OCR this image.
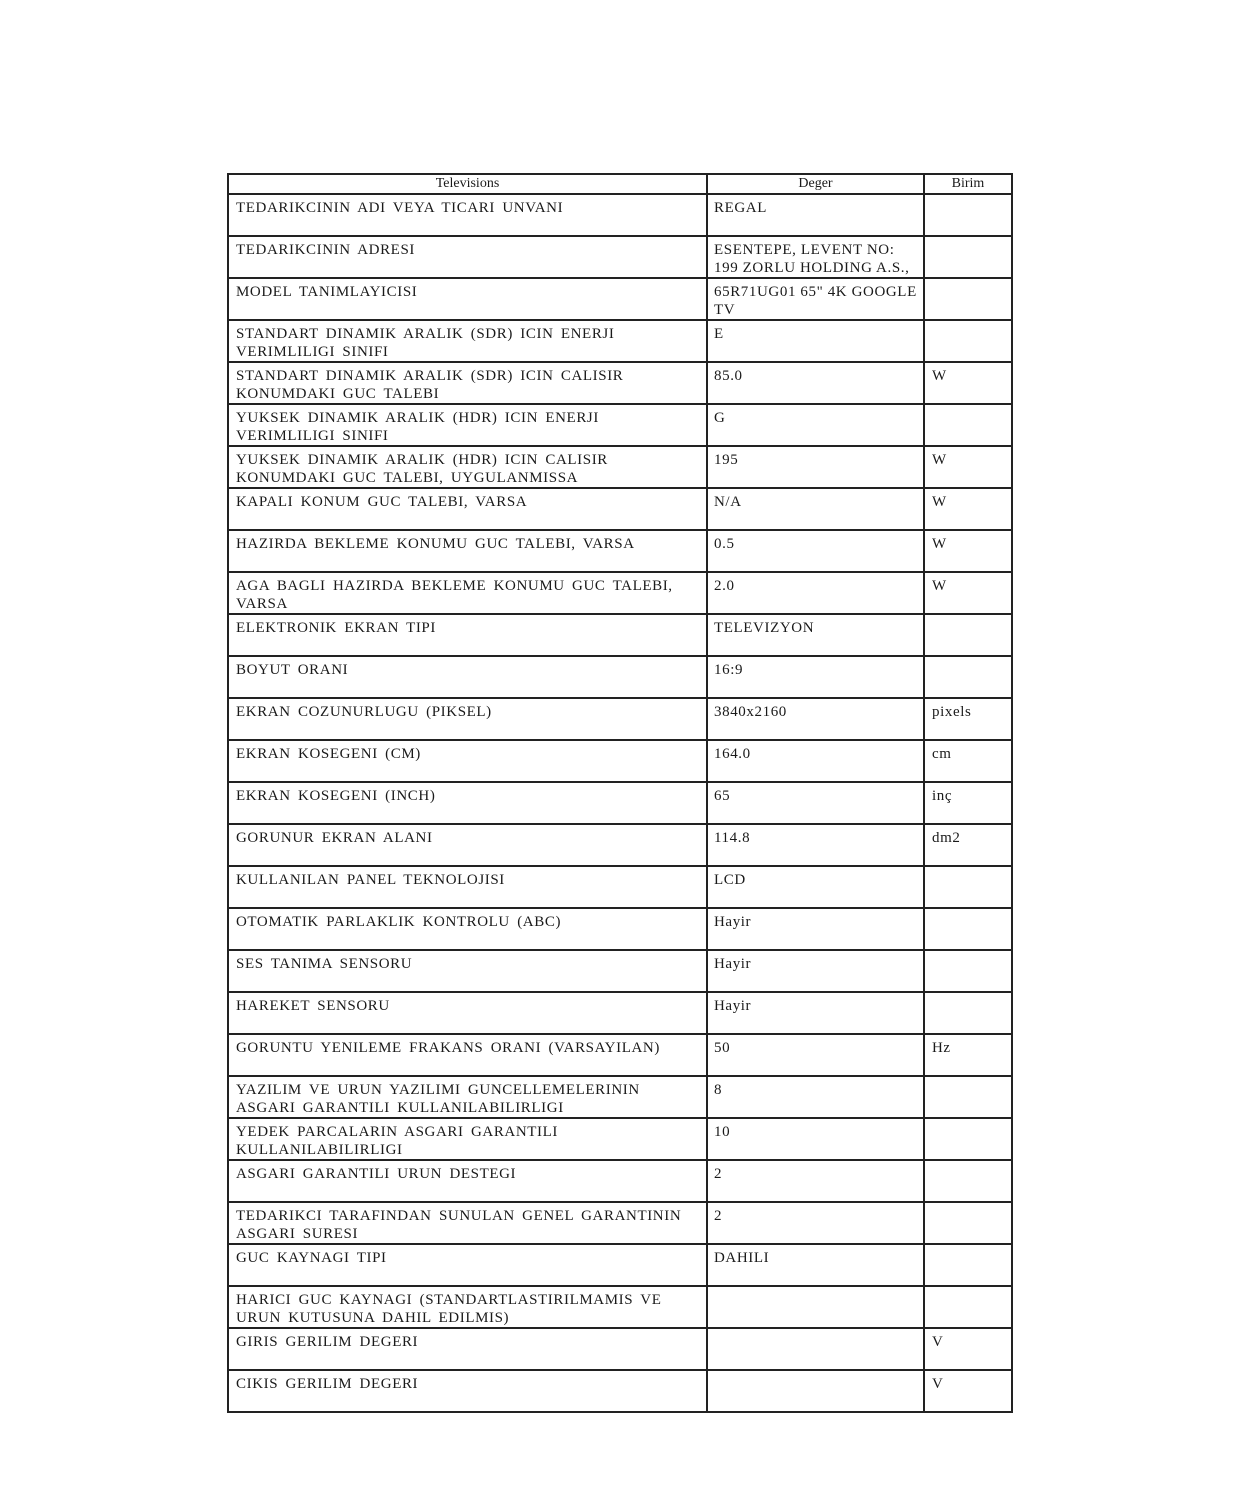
Televisions	Deger	Birim
TEDARIKCININ ADI VEYA TICARI UNVANI	REGAL	
TEDARIKCININ ADRESI	ESENTEPE, LEVENT NO: 199 ZORLU HOLDING A.S.,	
MODEL TANIMLAYICISI	65R71UG01 65" 4K GOOGLE TV	
STANDART DINAMIK ARALIK (SDR) ICIN ENERJI VERIMLILIGI SINIFI	E	
STANDART DINAMIK ARALIK (SDR) ICIN CALISIR KONUMDAKI GUC TALEBI	85.0	W
YUKSEK DINAMIK ARALIK (HDR) ICIN ENERJI VERIMLILIGI SINIFI	G	
YUKSEK DINAMIK ARALIK (HDR) ICIN CALISIR KONUMDAKI GUC TALEBI, UYGULANMISSA	195	W
KAPALI KONUM GUC TALEBI, VARSA	N/A	W
HAZIRDA BEKLEME KONUMU GUC TALEBI, VARSA	0.5	W
AGA BAGLI HAZIRDA BEKLEME KONUMU GUC TALEBI, VARSA	2.0	W
ELEKTRONIK EKRAN TIPI	TELEVIZYON	
BOYUT ORANI	16:9	
EKRAN COZUNURLUGU (PIKSEL)	3840x2160	pixels
EKRAN KOSEGENI (CM)	164.0	cm
EKRAN KOSEGENI (INCH)	65	inç
GORUNUR EKRAN ALANI	114.8	dm2
KULLANILAN PANEL TEKNOLOJISI	LCD	
OTOMATIK PARLAKLIK KONTROLU (ABC)	Hayir	
SES TANIMA SENSORU	Hayir	
HAREKET SENSORU	Hayir	
GORUNTU YENILEME FRAKANS ORANI (VARSAYILAN)	50	Hz
YAZILIM VE URUN YAZILIMI GUNCELLEMELERININ ASGARI GARANTILI KULLANILABILIRLIGI	8	
YEDEK PARCALARIN ASGARI GARANTILI KULLANILABILIRLIGI	10	
ASGARI GARANTILI URUN DESTEGI	2	
TEDARIKCI TARAFINDAN SUNULAN GENEL GARANTININ ASGARI SURESI	2	
GUC KAYNAGI TIPI	DAHILI	
HARICI GUC KAYNAGI (STANDARTLASTIRILMAMIS VE URUN KUTUSUNA DAHIL EDILMIS)		
GIRIS GERILIM DEGERI		V
CIKIS GERILIM DEGERI		V
